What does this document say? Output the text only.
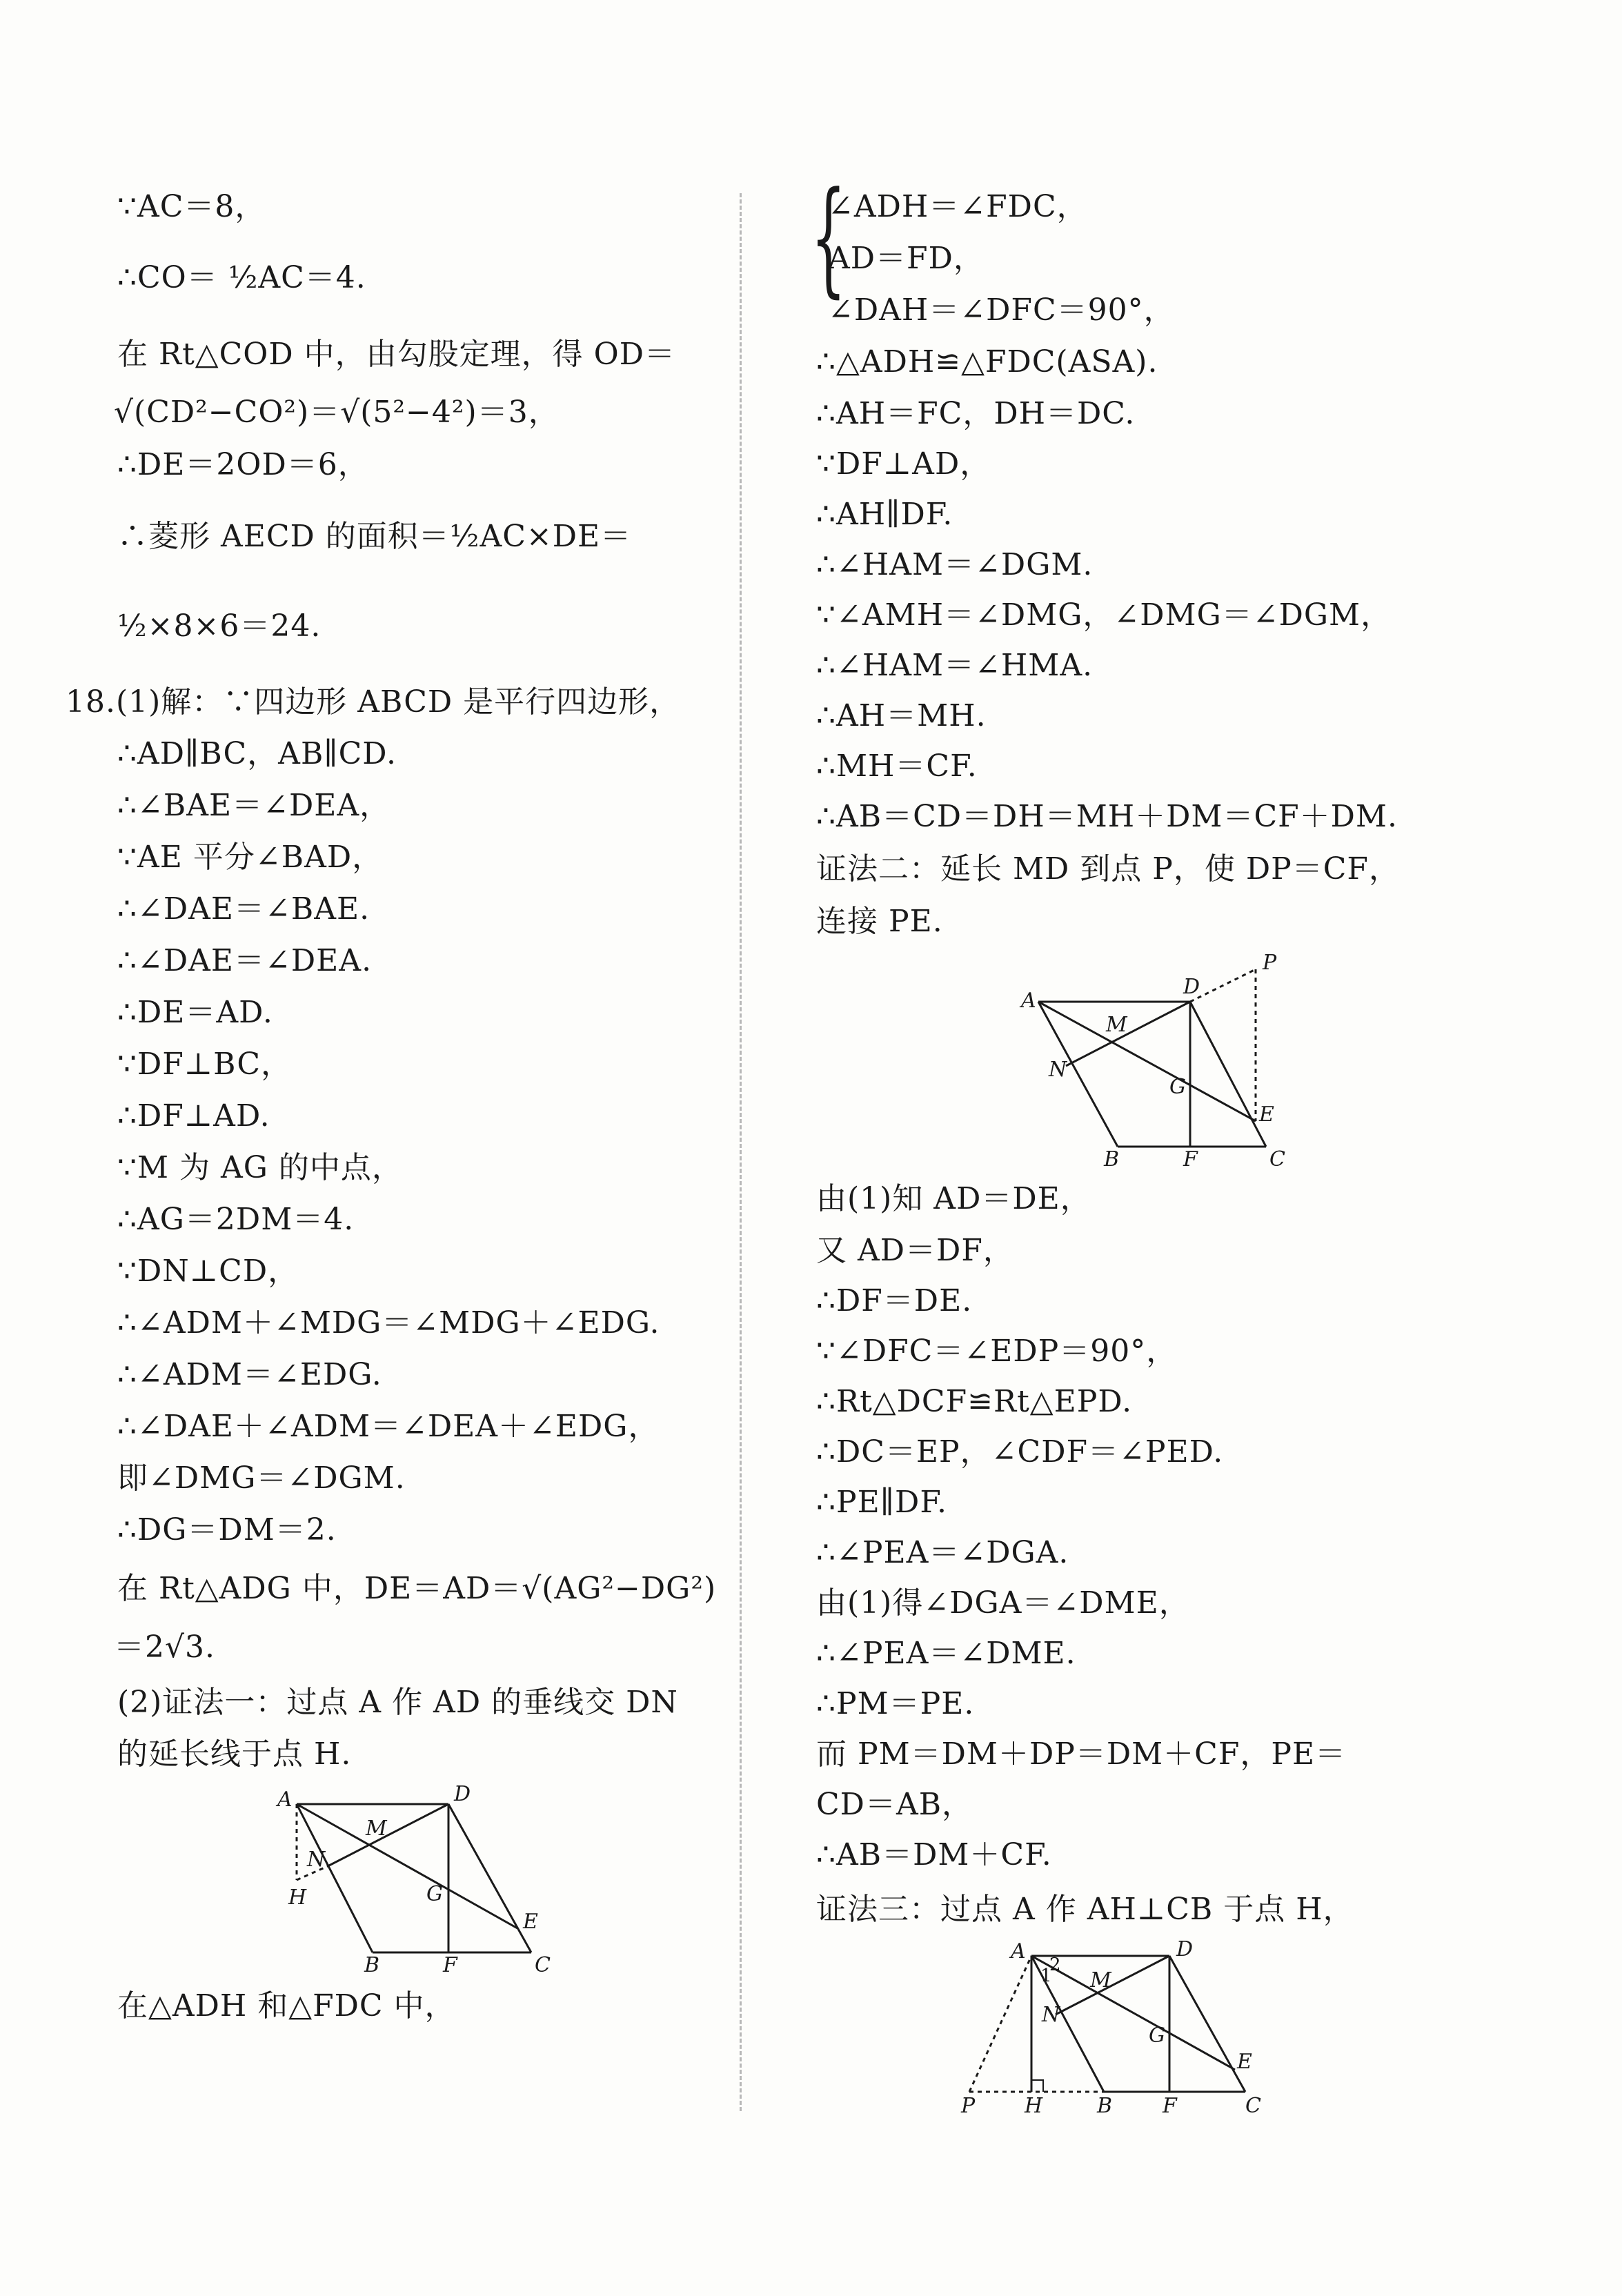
∵AC＝8，
∴CO＝ ½AC＝4.
在 Rt△COD 中，由勾股定理，得 OD＝
√(CD²−CO²)＝√(5²−4²)＝3，
∴DE＝2OD＝6，
∴菱形 AECD 的面积＝½AC×DE＝
½×8×6＝24.
18.(1)解：∵四边形 ABCD 是平行四边形，
∴AD∥BC，AB∥CD.
∴∠BAE＝∠DEA，
∵AE 平分∠BAD，
∴∠DAE＝∠BAE.
∴∠DAE＝∠DEA.
∴DE＝AD.
∵DF⊥BC，
∴DF⊥AD.
∵M 为 AG 的中点，
∴AG＝2DM＝4.
∵DN⊥CD，
∴∠ADM＋∠MDG＝∠MDG＋∠EDG.
∴∠ADM＝∠EDG.
∴∠DAE＋∠ADM＝∠DEA＋∠EDG，
即∠DMG＝∠DGM.
∴DG＝DM＝2.
在 Rt△ADG 中，DE＝AD＝√(AG²−DG²)
＝2√3.
(2)证法一：过点 A 作 AD 的垂线交 DN
的延长线于点 H.
A	D
M
N
H	G
E
B	F	C
在△ADH 和△FDC 中，
{
∠ADH＝∠FDC，
AD＝FD，
∠DAH＝∠DFC＝90°，
∴△ADH≌△FDC(ASA).
∴AH＝FC，DH＝DC.
∵DF⊥AD，
∴AH∥DF.
∴∠HAM＝∠DGM.
∵∠AMH＝∠DMG，∠DMG＝∠DGM，
∴∠HAM＝∠HMA.
∴AH＝MH.
∴MH＝CF.
∴AB＝CD＝DH＝MH＋DM＝CF＋DM.
证法二：延长 MD 到点 P，使 DP＝CF，
连接 PE.
A
D
P
M
N
G
E
B	F	C
由(1)知 AD＝DE，
又 AD＝DF，
∴DF＝DE.
∵∠DFC＝∠EDP＝90°，
∴Rt△DCF≌Rt△EPD.
∴DC＝EP，∠CDF＝∠PED.
∴PE∥DF.
∴∠PEA＝∠DGA.
由(1)得∠DGA＝∠DME，
∴∠PEA＝∠DME.
∴PM＝PE.
而 PM＝DM＋DP＝DM＋CF，PE＝
CD＝AB，
∴AB＝DM＋CF.
证法三：过点 A 作 AH⊥CB 于点 H，
A
1
2
D
M
N
G
E
P H	B F	C
